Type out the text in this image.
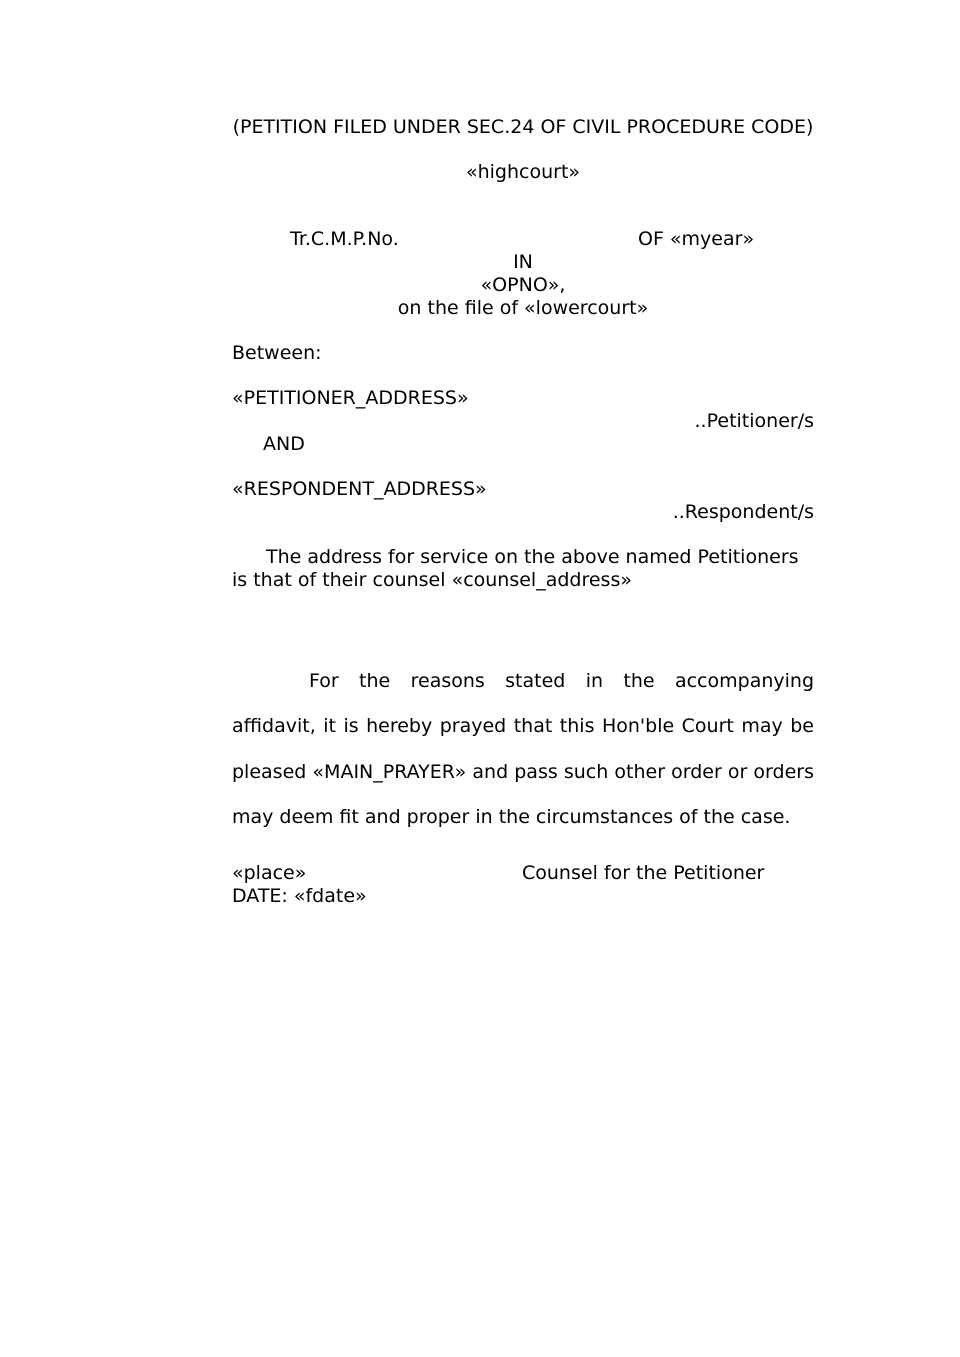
(PETITION FILED UNDER SEC.24 OF CIVIL PROCEDURE CODE)
«highcourt»
Tr.C.M.P.No.	OF «myear»
IN
«OPNO»,
on the file of «lowercourt»
Between:
«PETITIONER_ADDRESS»
..Petitioner/s
AND
«RESPONDENT_ADDRESS»
..Respondent/s
The address for service on the above named Petitioners is that of their counsel «counsel_address»
For the reasons stated in the accompanying affidavit, it is hereby prayed that this Hon'ble Court may be pleased «MAIN_PRAYER» and pass such other order or orders may deem fit and proper in the circumstances of the case.
«place»	Counsel for the Petitioner
DATE: «fdate»
